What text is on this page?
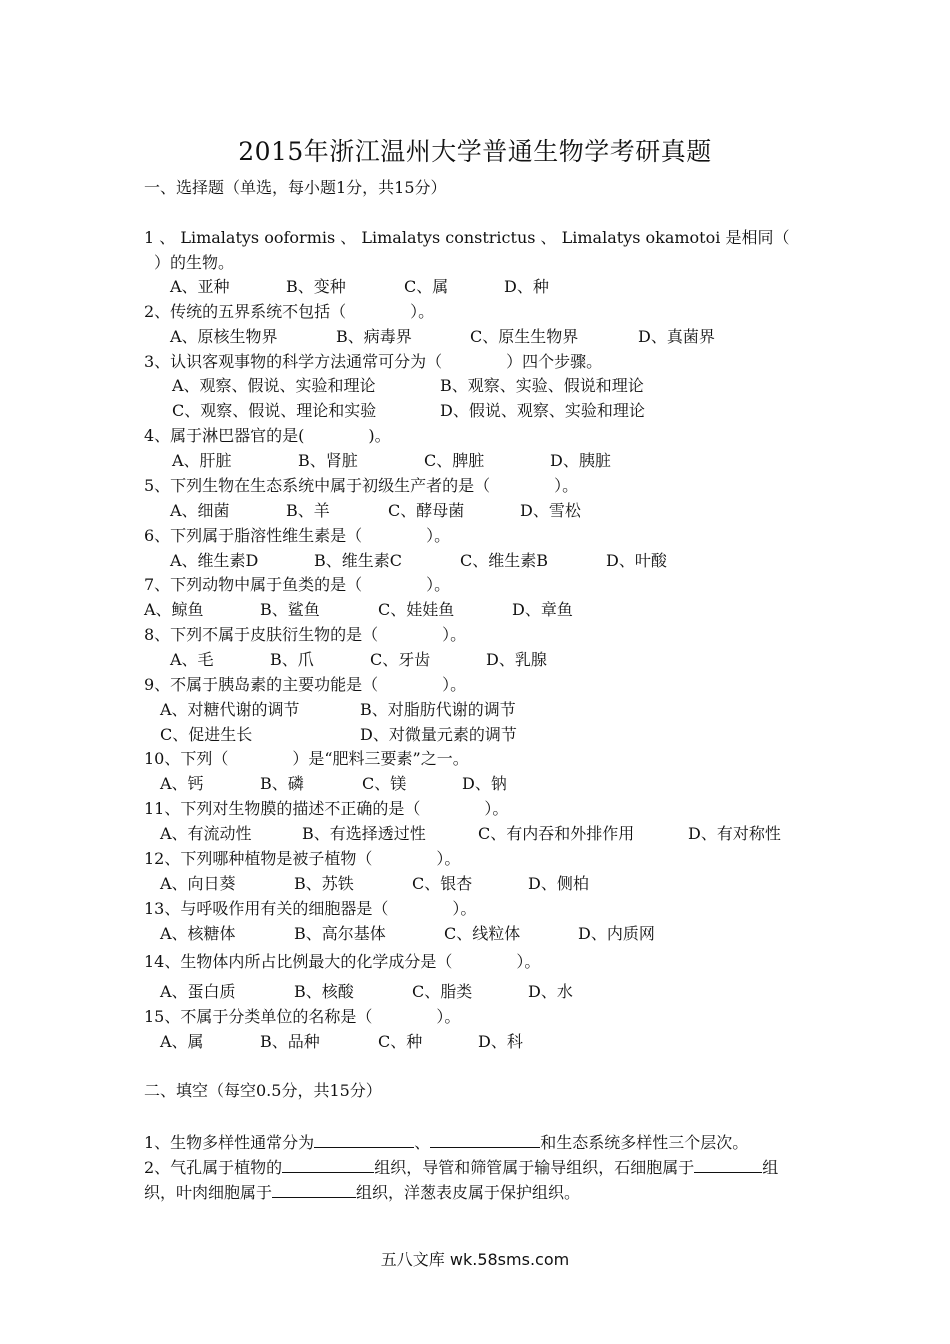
2015年浙江温州大学普通生物学考研真题
一、选择题（单选，每小题1分，共15分）
1 、 Limalatys ooformis 、 Limalatys constrictus 、 Limalatys okamotoi 是相同（
）的生物。
A、亚种	B、变种	C、属	D、种
2、传统的五界系统不包括（　　　　）。
A、原核生物界	B、病毒界	C、原生生物界	D、真菌界
3、认识客观事物的科学方法通常可分为（　　　　）四个步骤。
A、观察、假说、实验和理论	B、观察、实验、假说和理论
C、观察、假说、理论和实验	D、假说、观察、实验和理论
4、属于淋巴器官的是(　　　　)。
A、肝脏	B、肾脏	C、脾脏	D、胰脏
5、下列生物在生态系统中属于初级生产者的是（　　　　）。
A、细菌	B、羊	C、酵母菌	D、雪松
6、下列属于脂溶性维生素是（　　　　）。
A、维生素D	B、维生素C	C、维生素B	D、叶酸
7、下列动物中属于鱼类的是（　　　　）。
A、鲸鱼	B、鲨鱼	C、娃娃鱼	D、章鱼
8、下列不属于皮肤衍生物的是（　　　　）。
A、毛	B、爪	C、牙齿	D、乳腺
9、不属于胰岛素的主要功能是（　　　　）。
A、对糖代谢的调节	B、对脂肪代谢的调节
C、促进生长	D、对微量元素的调节
10、下列（　　　　）是“肥料三要素”之一。
A、钙	B、磷	C、镁	D、钠
11、下列对生物膜的描述不正确的是（　　　　）。
A、有流动性	B、有选择透过性	C、有内吞和外排作用	D、有对称性
12、下列哪种植物是被子植物（　　　　）。
A、向日葵	B、苏铁	C、银杏	D、侧柏
13、与呼吸作用有关的细胞器是（　　　　）。
A、核糖体	B、高尔基体	C、线粒体	D、内质网
14、生物体内所占比例最大的化学成分是（　　　　）。
A、蛋白质	B、核酸	C、脂类	D、水
15、不属于分类单位的名称是（　　　　）。
A、属	B、品种	C、种	D、科
二、填空（每空0.5分，共15分）
1、生物多样性通常分为	、	和生态系统多样性三个层次。
2、气孔属于植物的	组织，导管和筛管属于输导组织，石细胞属于	组
织，叶肉细胞属于	组织，洋葱表皮属于保护组织。
五八文库 wk.58sms.com
